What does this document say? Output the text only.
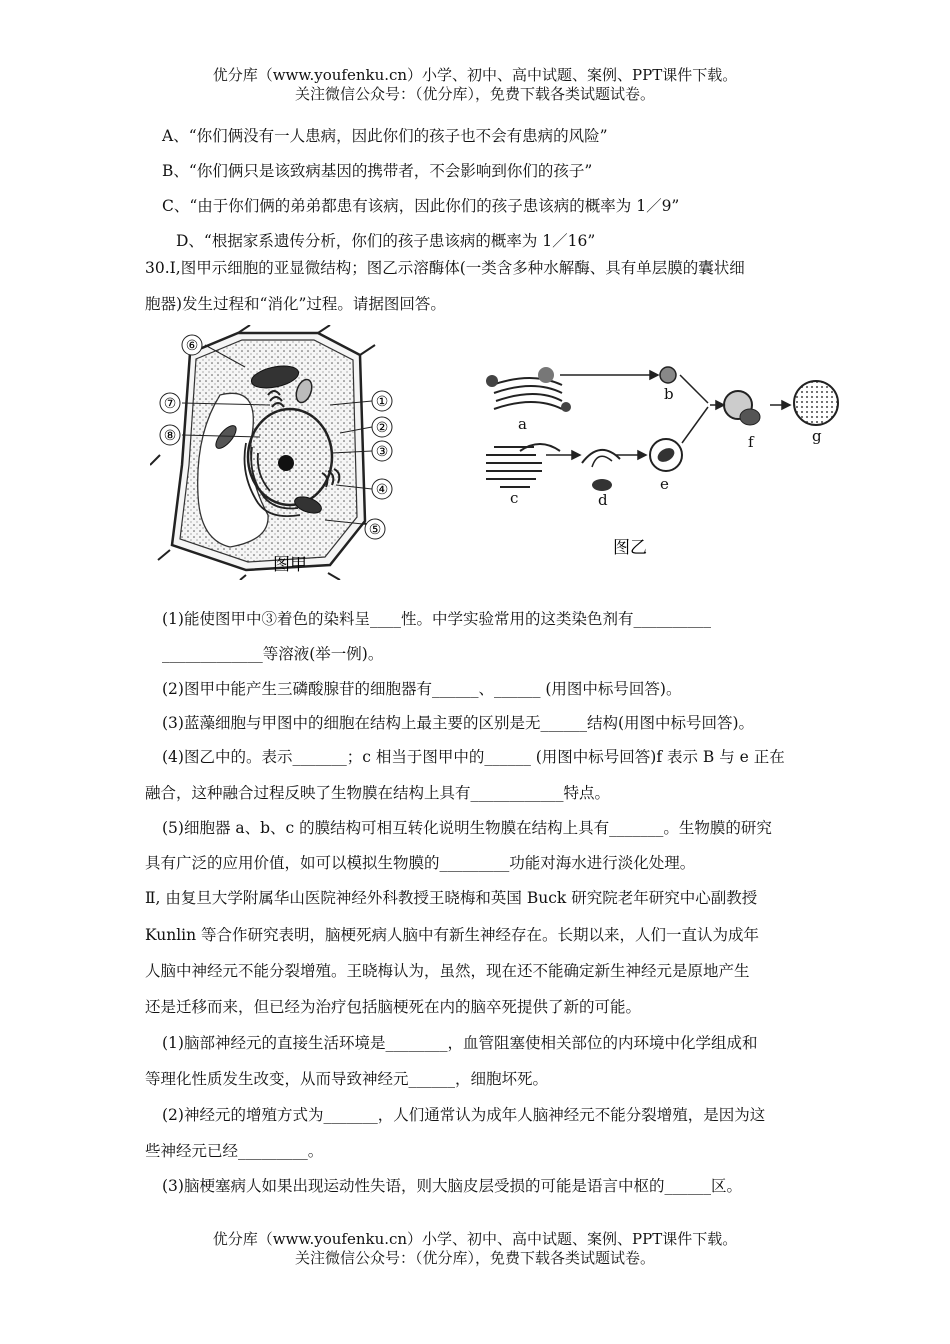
优分库（www.youfenku.cn）小学、初中、高中试题、案例、PPT课件下载。
关注微信公众号：（优分库），免费下载各类试题试卷。
A、“你们俩没有一人患病，因此你们的孩子也不会有患病的风险”
B、“你们俩只是该致病基因的携带者，不会影响到你们的孩子”
C、“由于你们俩的弟弟都患有该病，因此你们的孩子患该病的概率为 1／9”
D、“根据家系遗传分析，你们的孩子患该病的概率为 1／16”
30.Ⅰ,图甲示细胞的亚显微结构；图乙示溶酶体(一类含多种水解酶、具有单层膜的囊状细
胞器)发生过程和“消化”过程。请据图回答。
⑥
⑦
⑧
①
②
③
④
⑤
图甲
a
b
c	d
e
f	g
图乙
(1)能使图甲中③着色的染料呈____性。中学实验常用的这类染色剂有__________
_____________等溶液(举一例)。
(2)图甲中能产生三磷酸腺苷的细胞器有______、______ (用图中标号回答)。
(3)蓝藻细胞与甲图中的细胞在结构上最主要的区别是无______结构(用图中标号回答)。
(4)图乙中的。表示_______；c 相当于图甲中的______ (用图中标号回答)f 表示 B 与 e 正在
融合，这种融合过程反映了生物膜在结构上具有____________特点。
(5)细胞器 a、b、c 的膜结构可相互转化说明生物膜在结构上具有_______。生物膜的研究
具有广泛的应用价值，如可以模拟生物膜的_________功能对海水进行淡化处理。
Ⅱ, 由复旦大学附属华山医院神经外科教授王晓梅和英国 Buck 研究院老年研究中心副教授
Kunlin 等合作研究表明，脑梗死病人脑中有新生神经存在。长期以来，人们一直认为成年
人脑中神经元不能分裂增殖。王晓梅认为，虽然，现在还不能确定新生神经元是原地产生
还是迁移而来，但已经为治疗包括脑梗死在内的脑卒死提供了新的可能。
(1)脑部神经元的直接生活环境是________，血管阻塞使相关部位的内环境中化学组成和
等理化性质发生改变，从而导致神经元______，细胞坏死。
(2)神经元的增殖方式为_______，人们通常认为成年人脑神经元不能分裂增殖，是因为这
些神经元已经_________。
(3)脑梗塞病人如果出现运动性失语，则大脑皮层受损的可能是语言中枢的______区。
优分库（www.youfenku.cn）小学、初中、高中试题、案例、PPT课件下载。
关注微信公众号：（优分库），免费下载各类试题试卷。
